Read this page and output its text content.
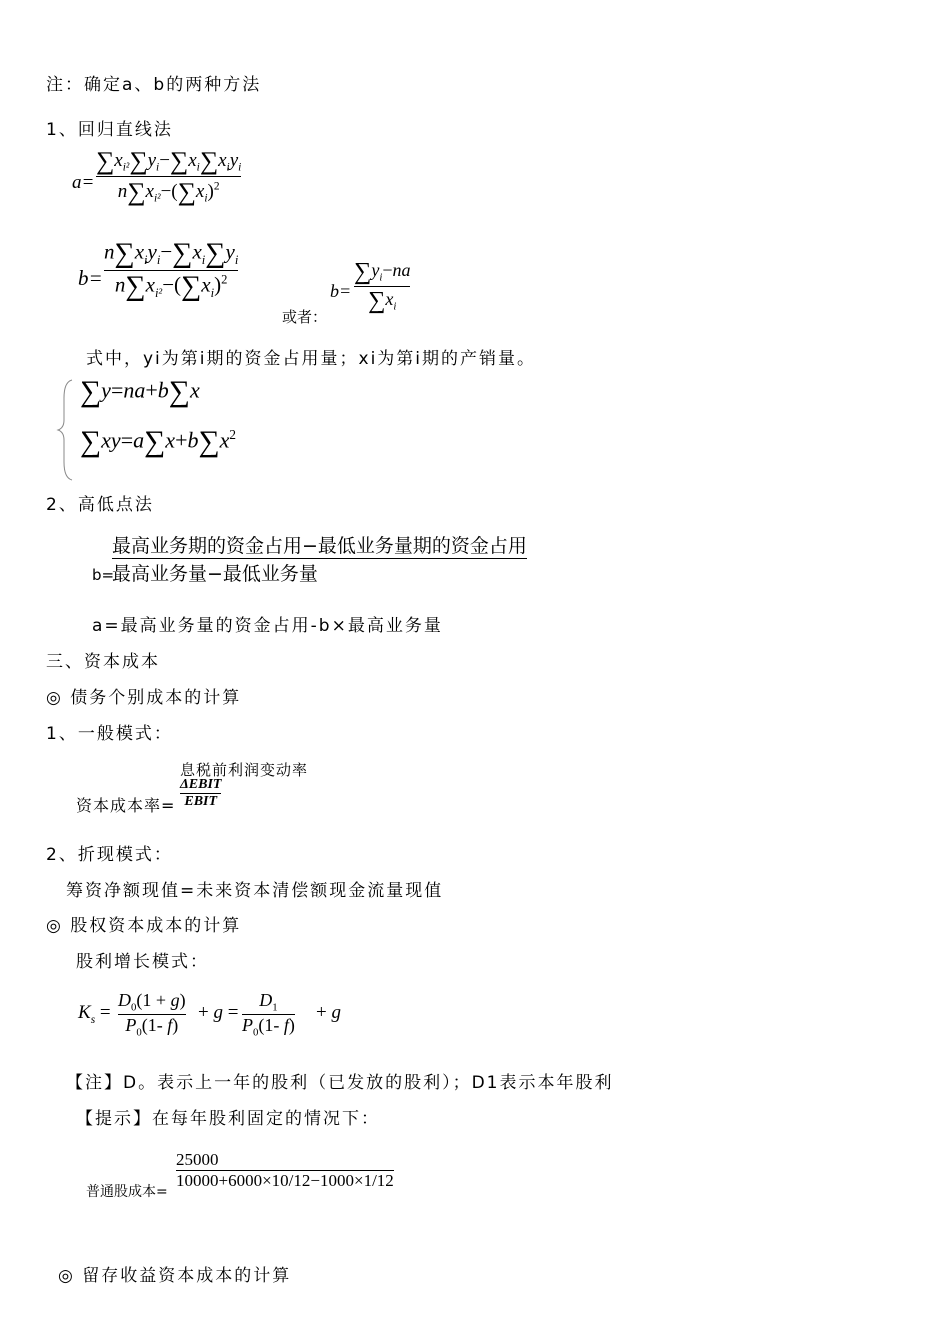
注：确定a、b的两种方法
1、回归直线法
a=
$\sum x_{i^2}\sum y_i-\sum x_i\sum x_iy_i$
$n\sum x_{i^2}-(\sum x_i)^2$
b=
$n\sum x_iy_i-\sum x_i\sum y_i$
$n\sum x_{i^2}-(\sum x_i)^2$
或者：
b=
$\sum y_i-na$
$\sum x_i$
式中，yi为第i期的资金占用量；xi为第i期的产销量。
∑y=na+b∑x
$\sum xy=a\sum x+b\sum x^2$
2、高低点法
b=
最高业务期的资金占用−最低业务量期的资金占用
最高业务量−最低业务量
a=最高业务量的资金占用-b×最高业务量
三、资本成本
◎ 债务个别成本的计算
1、一般模式：
息税前利润变动率
资本成本率=
ΔEBIT
EBIT
2、折现模式：
筹资净额现值=未来资本清偿额现金流量现值
◎ 股权资本成本的计算
股利增长模式：
$K_s$ =
$D_0(1 + g)$
$P_0(1-$ f)
+ g =
$D_1$
$P_0(1-$ f)
+ g
【注】D。表示上一年的股利（已发放的股利）；D1表示本年股利
【提示】在每年股利固定的情况下：
普通股成本=
25000
10000+6000×10/12−1000×1/12
◎ 留存收益资本成本的计算
